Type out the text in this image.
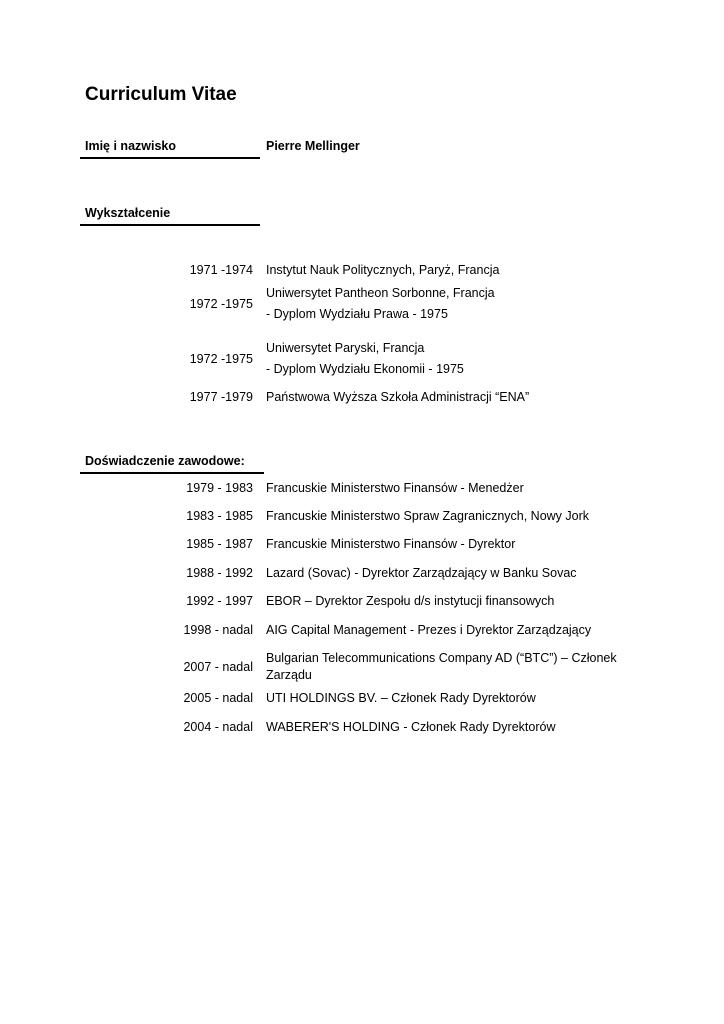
Curriculum Vitae
Imię i nazwisko	Pierre Mellinger
Wykształcenie
1971 -1974 Instytut Nauk Politycznych, Paryż, Francja
1972 -1975
Uniwersytet Pantheon Sorbonne, Francja
- Dyplom Wydziału Prawa - 1975
1972 -1975
Uniwersytet Paryski, Francja
- Dyplom Wydziału Ekonomii - 1975
1977 -1979 Państwowa Wyższa Szkoła Administracji “ENA”
Doświadczenie zawodowe:
1979 - 1983 Francuskie Ministerstwo Finansów - Menedżer
1983 - 1985 Francuskie Ministerstwo Spraw Zagranicznych, Nowy Jork
1985 - 1987 Francuskie Ministerstwo Finansów - Dyrektor
1988 - 1992 Lazard (Sovac) - Dyrektor Zarządzający w Banku Sovac
1992 - 1997 EBOR – Dyrektor Zespołu d/s instytucji finansowych
1998 - nadal AIG Capital Management - Prezes i Dyrektor Zarządzający
2007 - nadal
Bulgarian Telecommunications Company AD (“BTC”) – Członek Zarządu
2005 - nadal UTI HOLDINGS BV. – Członek Rady Dyrektorów
2004 - nadal WABERER'S HOLDING - Członek Rady Dyrektorów
